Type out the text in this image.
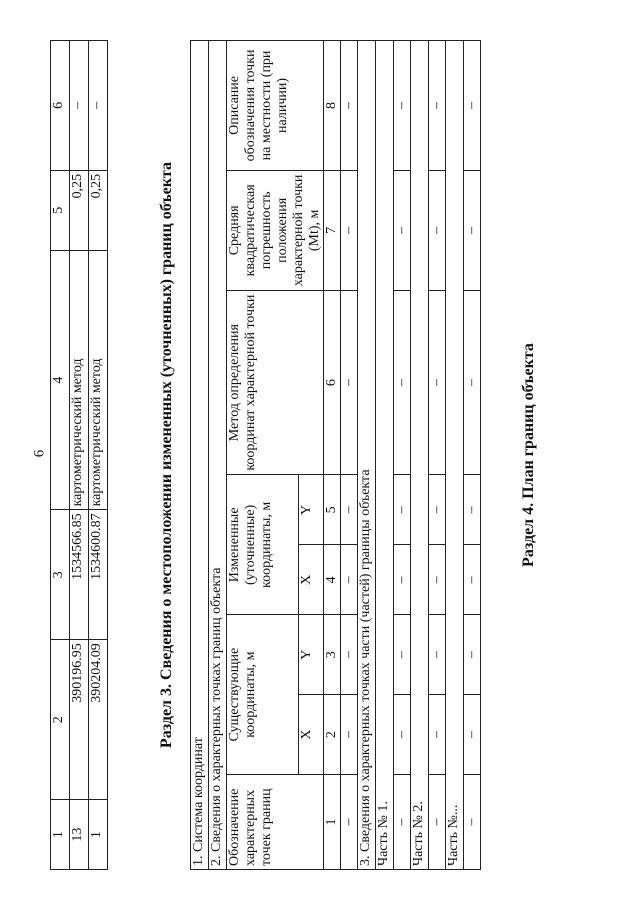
6
1	2	3	4	5	6
13	390196.95	1534566.85	картометрический метод	0,25	–
1	390204.09	1534600.87	картометрический метод	0,25	–
Раздел 3. Сведения о местоположении измененных (уточненных) границ объекта
1. Система координат							
2. Сведения о характерных точках границ объекта							
Обозначение характерных точек границ	Существующие координаты, м		Измененные (уточненные) координаты, м		Метод определения координат характерной точки	Средняя квадратическая погрешность положения характерной точки (Mt), м	Описание обозначения точки на местности (при наличии)
	X	Y	X	Y			
1	2	3	4	5	6	7	8
–	–	–	–	–	–	–	–
3. Сведения о характерных точках части (частей) границы объекта							
Часть № 1.							
–	–	–	–	–	–	–	–
Часть № 2.							
–	–	–	–	–	–	–	–
Часть №...							
–	–	–	–	–	–	–	–
Раздел 4. План границ объекта
